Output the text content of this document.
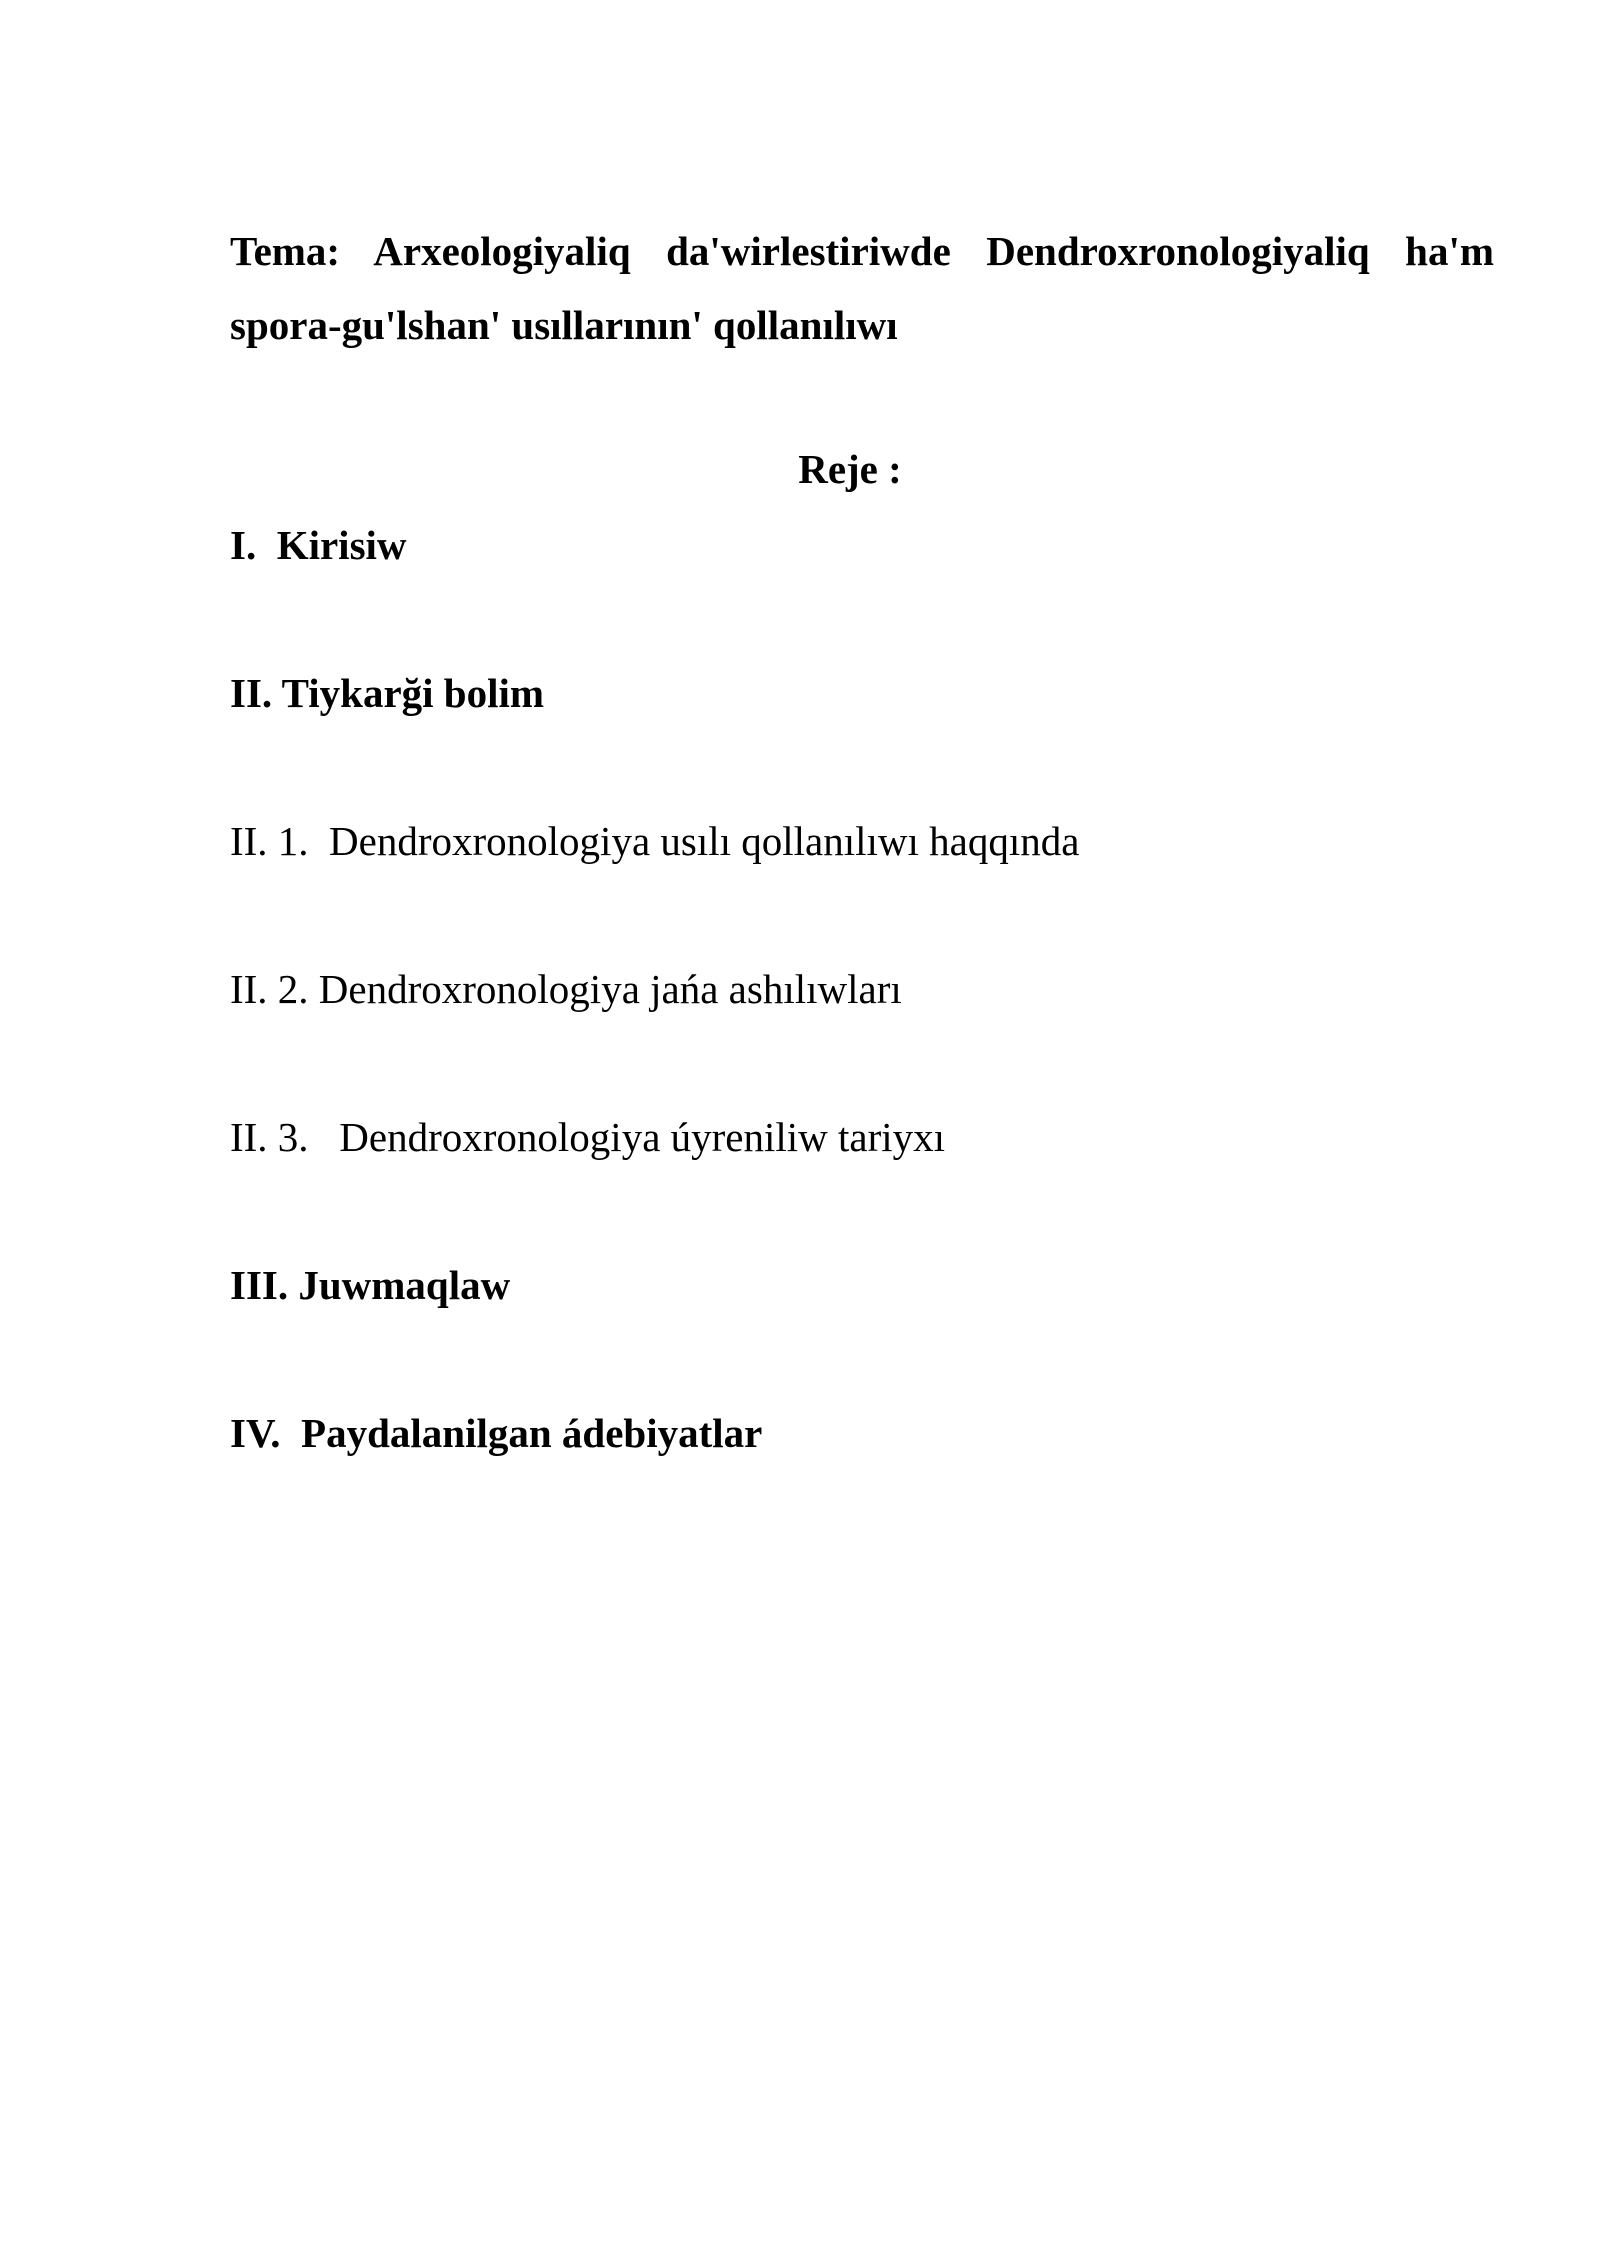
Tema: Arxeologiyaliq da'wirlestiriwde Dendroxronologiyaliq ha'm spora-gu'lshan' usıllarının' qollanılıwı

Reje :

I.  Kirisiw

II. Tiykarği bolim

II. 1.  Dendroxronologiya usılı qollanılıwı haqqında

II. 2. Dendroxronologiya jańa ashılıwları

II. 3.   Dendroxronologiya úyreniliw tariyxı

III. Juwmaqlaw

IV.  Paydalanilgan ádebiyatlar
